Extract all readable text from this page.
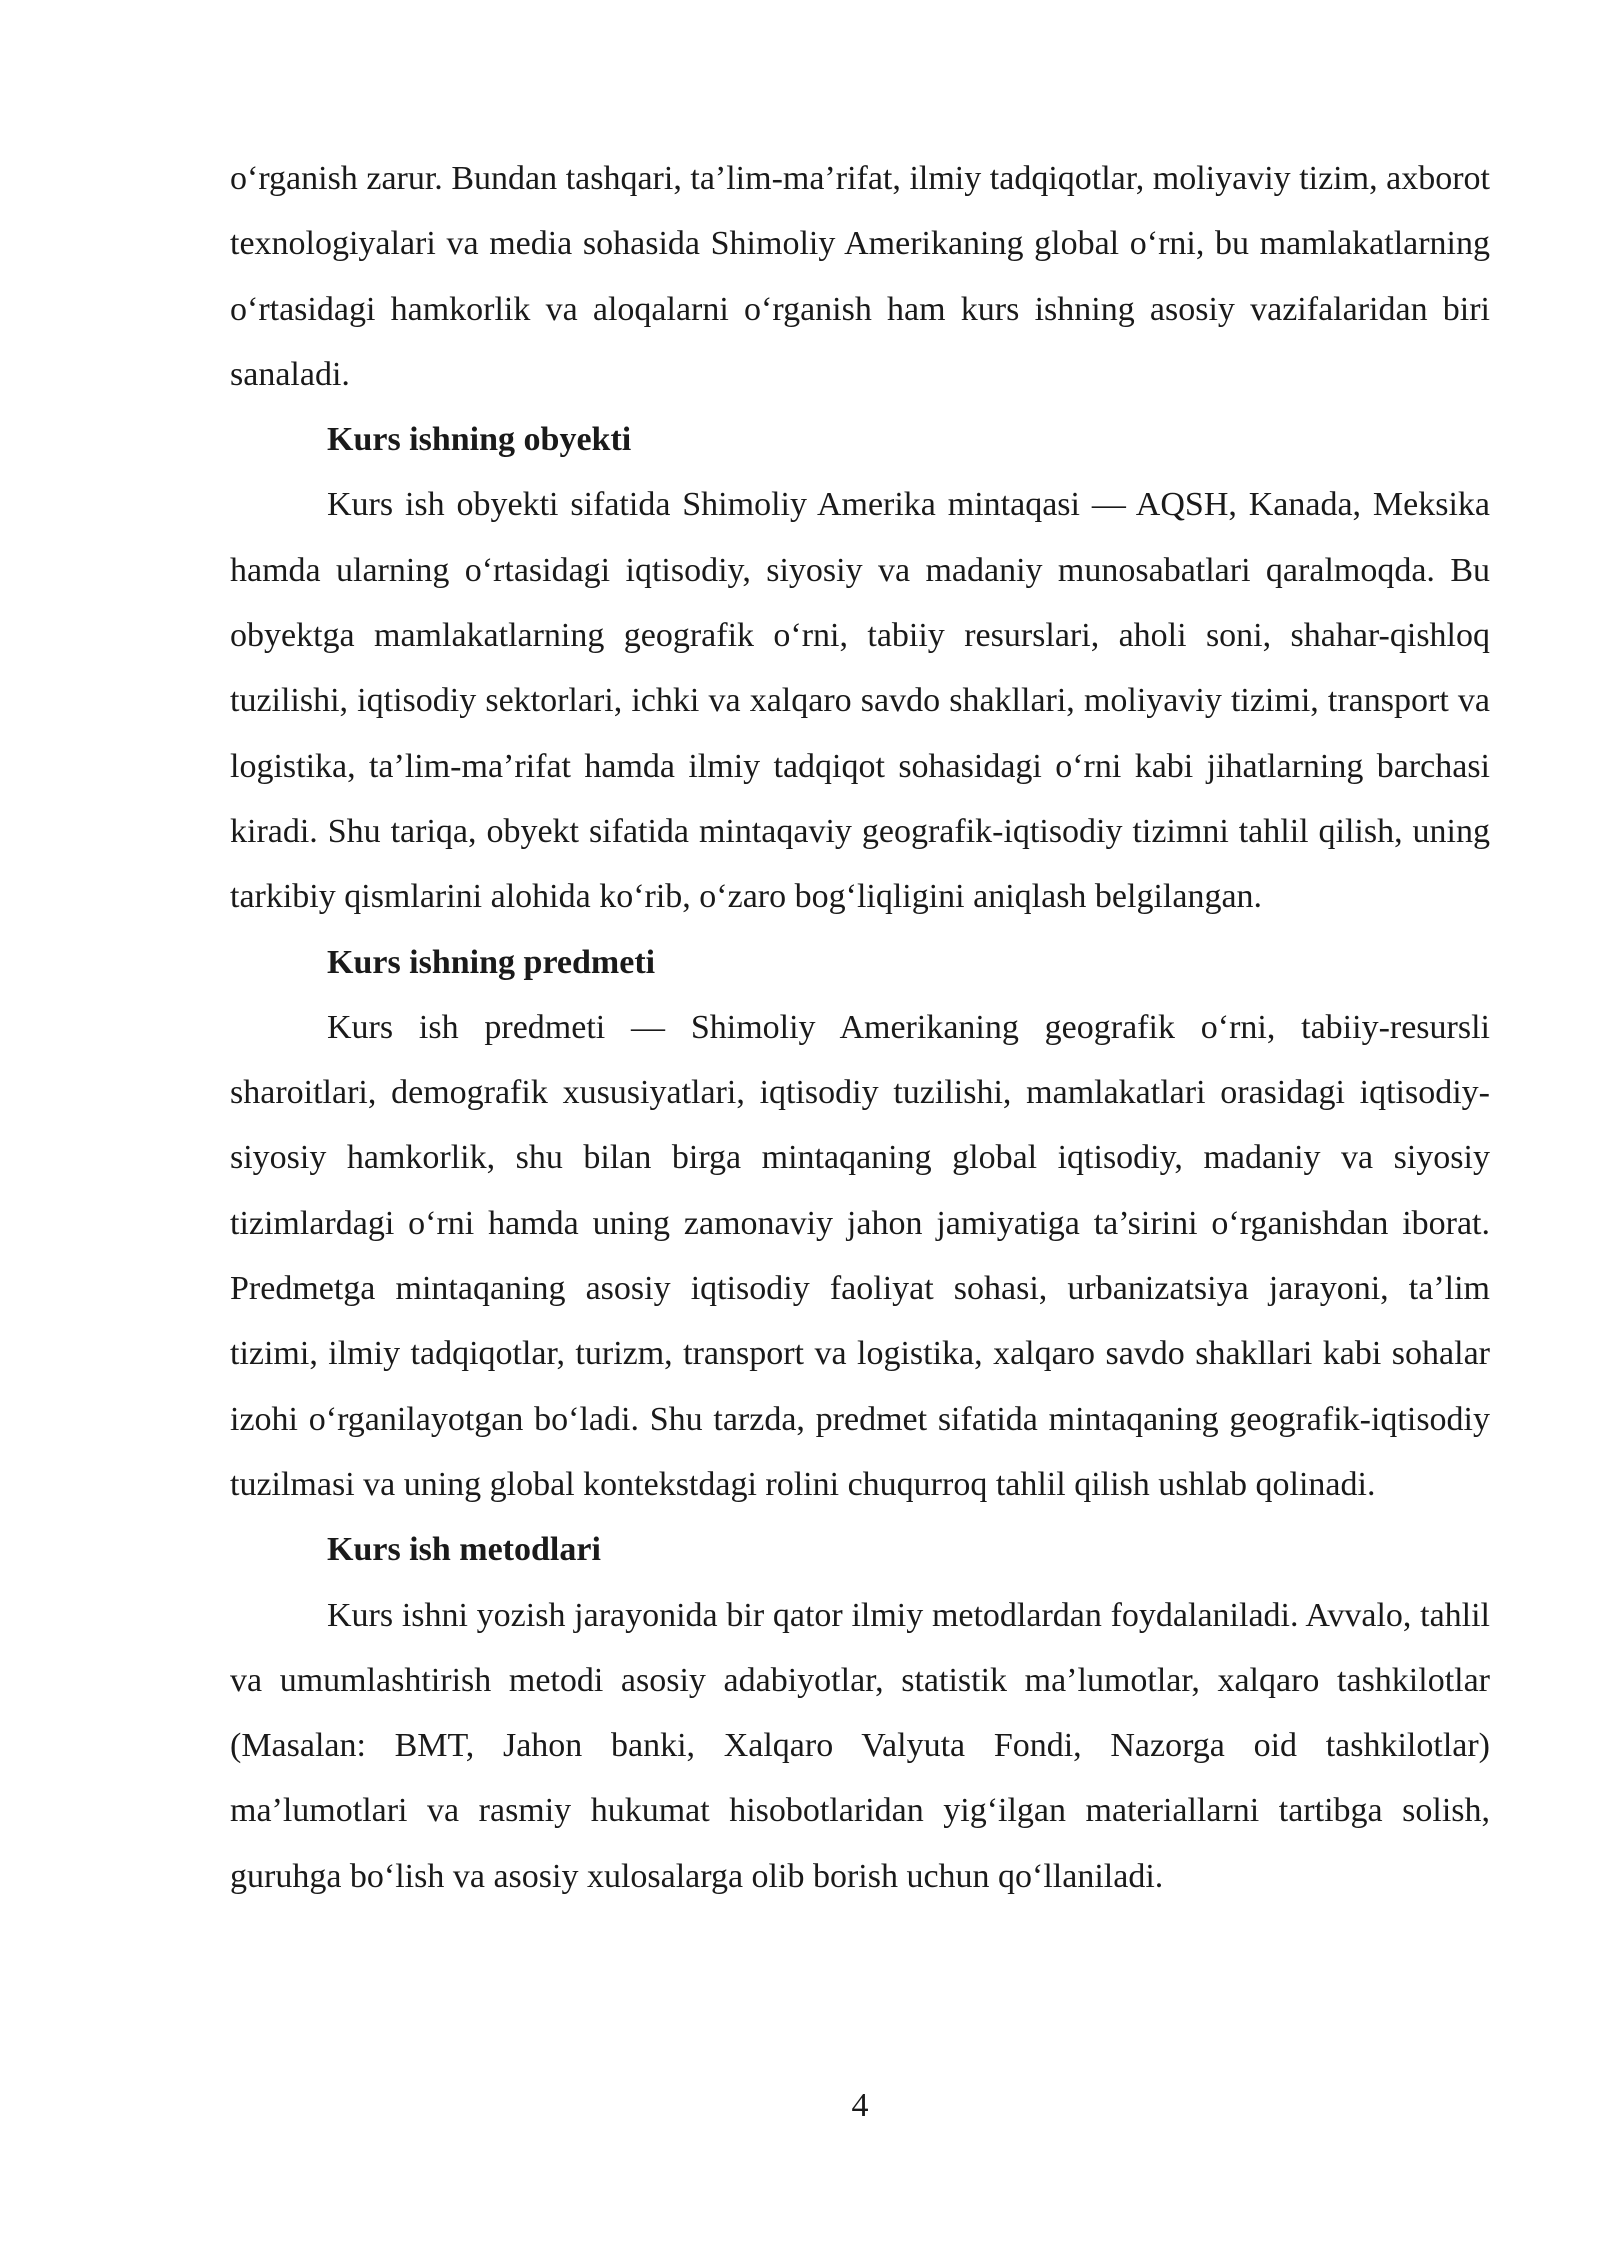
o‘rganish zarur. Bundan tashqari, ta’lim-ma’rifat, ilmiy tadqiqotlar, moliyaviy tizim, axborot texnologiyalari va media sohasida Shimoliy Amerikaning global o‘rni, bu mamlakatlarning o‘rtasidagi hamkorlik va aloqalarni o‘rganish ham kurs ishning asosiy vazifalaridan biri sanaladi.

Kurs ishning obyekti

Kurs ish obyekti sifatida Shimoliy Amerika mintaqasi — AQSH, Kanada, Meksika hamda ularning o‘rtasidagi iqtisodiy, siyosiy va madaniy munosabatlari qaralmoqda. Bu obyektga mamlakatlarning geografik o‘rni, tabiiy resurslari, aholi soni, shahar-qishloq tuzilishi, iqtisodiy sektorlari, ichki va xalqaro savdo shakllari, moliyaviy tizimi, transport va logistika, ta’lim-ma’rifat hamda ilmiy tadqiqot sohasidagi o‘rni kabi jihatlarning barchasi kiradi. Shu tariqa, obyekt sifatida mintaqaviy geografik-iqtisodiy tizimni tahlil qilish, uning tarkibiy qismlarini alohida ko‘rib, o‘zaro bog‘liqligini aniqlash belgilangan.

Kurs ishning predmeti

Kurs ish predmeti — Shimoliy Amerikaning geografik o‘rni, tabiiy-resursli sharoitlari, demografik xususiyatlari, iqtisodiy tuzilishi, mamlakatlari orasidagi iqtisodiy-siyosiy hamkorlik, shu bilan birga mintaqaning global iqtisodiy, madaniy va siyosiy tizimlardagi o‘rni hamda uning zamonaviy jahon jamiyatiga ta’sirini o‘rganishdan iborat. Predmetga mintaqaning asosiy iqtisodiy faoliyat sohasi, urbanizatsiya jarayoni, ta’lim tizimi, ilmiy tadqiqotlar, turizm, transport va logistika, xalqaro savdo shakllari kabi sohalar izohi o‘rganilayotgan bo‘ladi. Shu tarzda, predmet sifatida mintaqaning geografik-iqtisodiy tuzilmasi va uning global kontekstdagi rolini chuqurroq tahlil qilish ushlab qolinadi.

Kurs ish metodlari

Kurs ishni yozish jarayonida bir qator ilmiy metodlardan foydalaniladi. Avvalo, tahlil va umumlashtirish metodi asosiy adabiyotlar, statistik ma’lumotlar, xalqaro tashkilotlar (Masalan: BMT, Jahon banki, Xalqaro Valyuta Fondi, Nazorga oid tashkilotlar) ma’lumotlari va rasmiy hukumat hisobotlaridan yig‘ilgan materiallarni tartibga solish, guruhga bo‘lish va asosiy xulosalarga olib borish uchun qo‘llaniladi.

4
